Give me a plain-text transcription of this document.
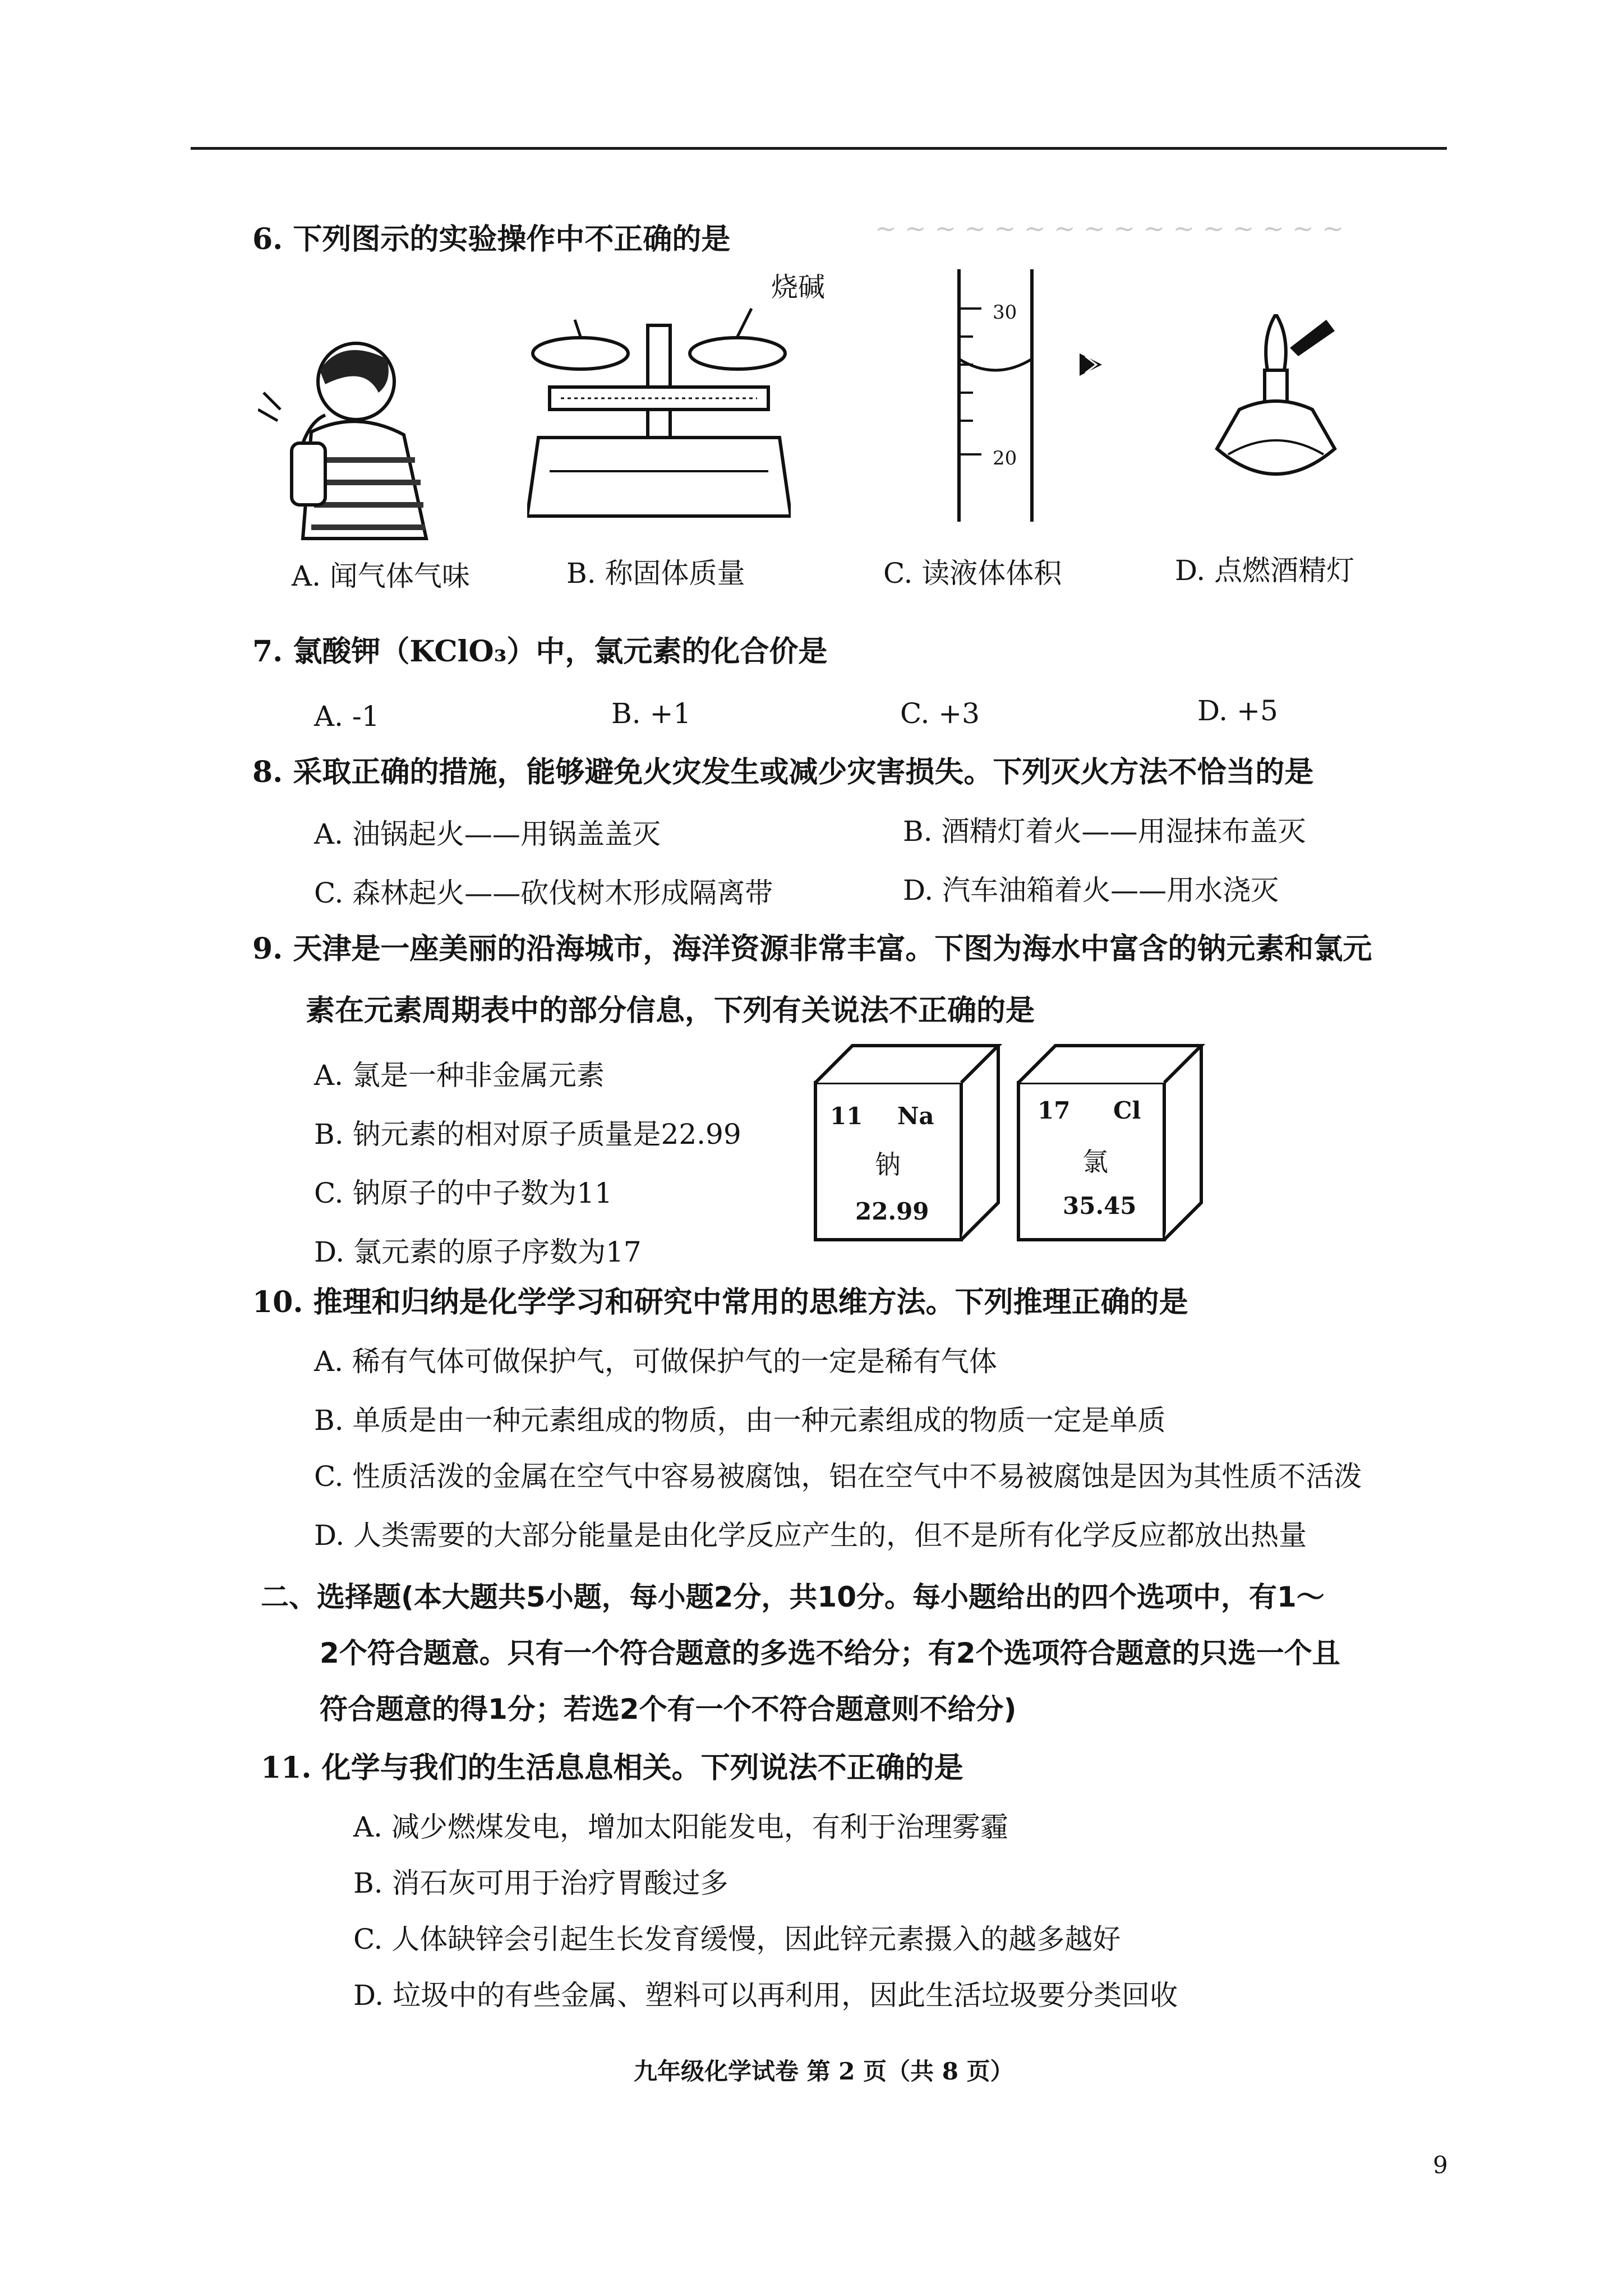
~ ~ ~ ~ ~ ~ ~ ~ ~ ~ ~ ~ ~ ~ ~ ~
6. 下列图示的实验操作中不正确的是
烧碱
30
20
A. 闻气体气味	B. 称固体质量	C. 读液体体积	D. 点燃酒精灯
7. 氯酸钾（KClO₃）中，氯元素的化合价是
A. -1	B. +1	C. +3	D. +5
8. 采取正确的措施，能够避免火灾发生或减少灾害损失。下列灭火方法不恰当的是
A. 油锅起火——用锅盖盖灭	B. 酒精灯着火——用湿抹布盖灭
C. 森林起火——砍伐树木形成隔离带	D. 汽车油箱着火——用水浇灭
9. 天津是一座美丽的沿海城市，海洋资源非常丰富。下图为海水中富含的钠元素和氯元
素在元素周期表中的部分信息，下列有关说法不正确的是
A. 氯是一种非金属元素
B. 钠元素的相对原子质量是22.99
C. 钠原子的中子数为11
D. 氯元素的原子序数为17
11 Na
钠
22.99
17 Cl
氯
35.45
10. 推理和归纳是化学学习和研究中常用的思维方法。下列推理正确的是
A. 稀有气体可做保护气，可做保护气的一定是稀有气体
B. 单质是由一种元素组成的物质，由一种元素组成的物质一定是单质
C. 性质活泼的金属在空气中容易被腐蚀，铝在空气中不易被腐蚀是因为其性质不活泼
D. 人类需要的大部分能量是由化学反应产生的，但不是所有化学反应都放出热量
二、选择题(本大题共5小题，每小题2分，共10分。每小题给出的四个选项中，有1～
2个符合题意。只有一个符合题意的多选不给分；有2个选项符合题意的只选一个且
符合题意的得1分；若选2个有一个不符合题意则不给分)
11. 化学与我们的生活息息相关。下列说法不正确的是
A. 减少燃煤发电，增加太阳能发电，有利于治理雾霾
B. 消石灰可用于治疗胃酸过多
C. 人体缺锌会引起生长发育缓慢，因此锌元素摄入的越多越好
D. 垃圾中的有些金属、塑料可以再利用，因此生活垃圾要分类回收
九年级化学试卷 第 2 页（共 8 页）
9
